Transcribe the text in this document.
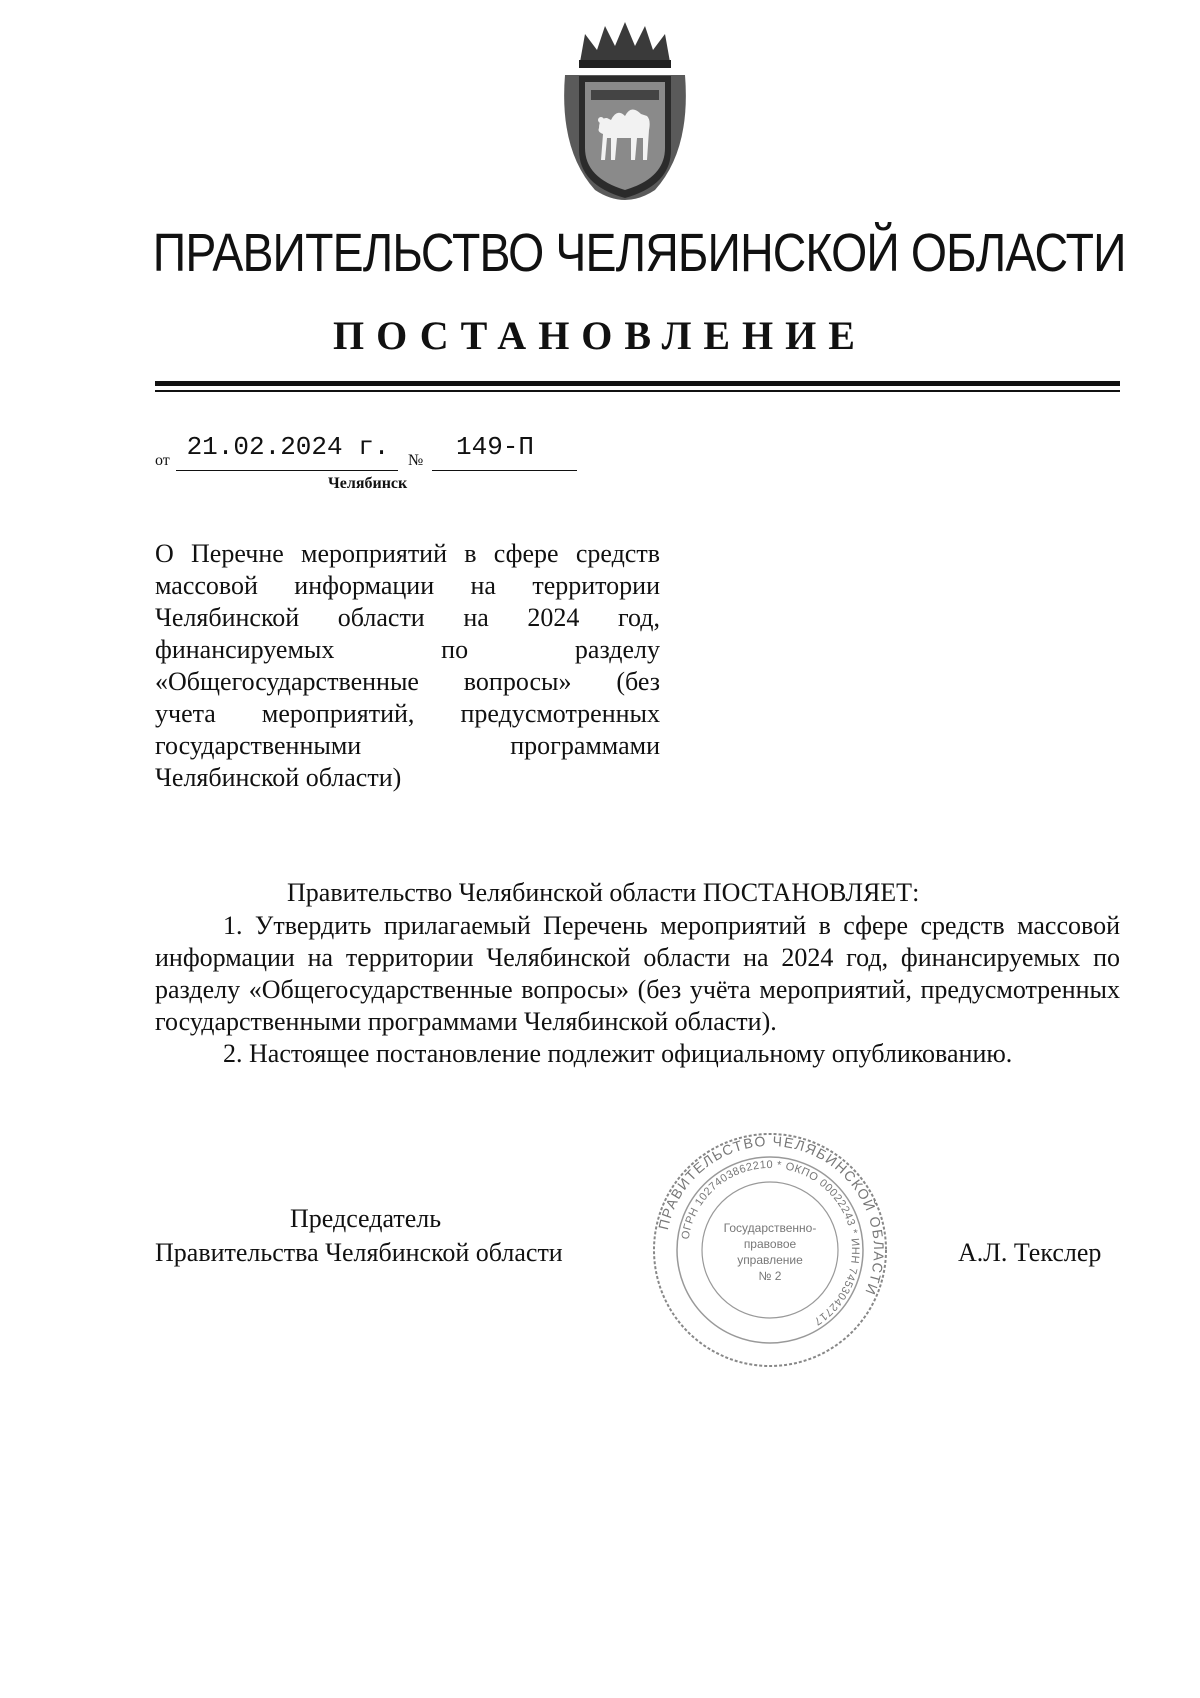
ПРАВИТЕЛЬСТВО ЧЕЛЯБИНСКОЙ ОБЛАСТИ
ПОСТАНОВЛЕНИЕ
от 21.02.2024 г.	№	149-П
Челябинск
О Перечне мероприятий в сфере средств
массовой информации на территории
Челябинской области на 2024 год,
финансируемых по разделу
«Общегосударственные вопросы» (без
учета мероприятий, предусмотренных
государственными программами
Челябинской области)
Правительство Челябинской области ПОСТАНОВЛЯЕТ:

1. Утвердить прилагаемый Перечень мероприятий в сфере средств массовой информации на территории Челябинской области на 2024 год, финансируемых по разделу «Общегосударственные вопросы» (без учёта мероприятий, предусмотренных государственными программами Челябинской области).

2. Настоящее постановление подлежит официальному опубликованию.

Председатель
Правительства Челябинской области	А.Л. Текслер
ПРАВИТЕЛЬСТВО ЧЕЛЯБИНСКОЙ ОБЛАСТИ
ОГРН 1027403862210 * ОКПО 00022243 * ИНН 7453042717
Государственно-
правовое
управление
№ 2
